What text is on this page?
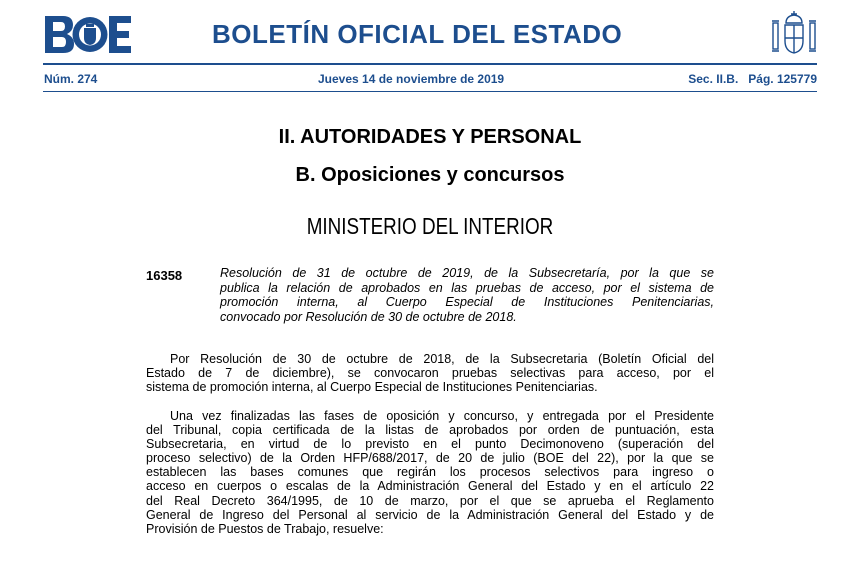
BOLETÍN OFICIAL DEL ESTADO
Núm. 274	Jueves 14 de noviembre de 2019	Sec. II.B.   Pág. 125779
II. AUTORIDADES Y PERSONAL
B. Oposiciones y concursos
MINISTERIO DEL INTERIOR
16358	Resolución de 31 de octubre de 2019, de la Subsecretaría, por la que se
publica la relación de aprobados en las pruebas de acceso, por el sistema de
promoción interna, al Cuerpo Especial de Instituciones Penitenciarias,
convocado por Resolución de 30 de octubre de 2018.
Por Resolución de 30 de octubre de 2018, de la Subsecretaria (Boletín Oficial del
Estado de 7 de diciembre), se convocaron pruebas selectivas para acceso, por el
sistema de promoción interna, al Cuerpo Especial de Instituciones Penitenciarias.
Una vez finalizadas las fases de oposición y concurso, y entregada por el Presidente
del Tribunal, copia certificada de la listas de aprobados por orden de puntuación, esta
Subsecretaria, en virtud de lo previsto en el punto Decimonoveno (superación del
proceso selectivo) de la Orden HFP/688/2017, de 20 de julio (BOE del 22), por la que se
establecen las bases comunes que regirán los procesos selectivos para ingreso o
acceso en cuerpos o escalas de la Administración General del Estado y en el artículo 22
del Real Decreto 364/1995, de 10 de marzo, por el que se aprueba el Reglamento
General de Ingreso del Personal al servicio de la Administración General del Estado y de
Provisión de Puestos de Trabajo, resuelve:
